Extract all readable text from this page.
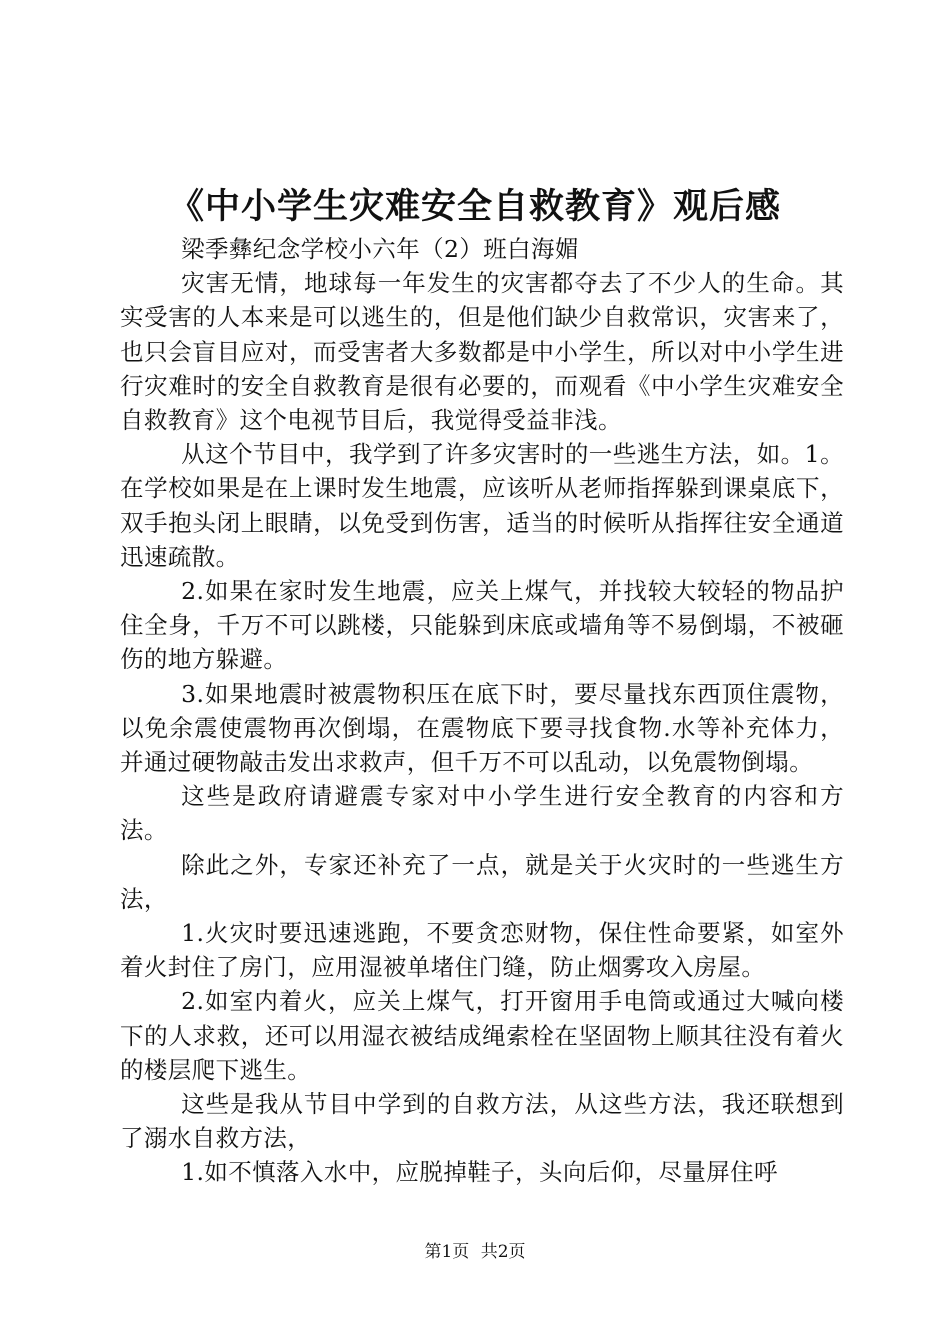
《中小学生灾难安全自救教育》观后感

梁季彝纪念学校小六年（2）班白海媚

灾害无情，地球每一年发生的灾害都夺去了不少人的生命。其实受害的人本来是可以逃生的，但是他们缺少自救常识，灾害来了，也只会盲目应对，而受害者大多数都是中小学生，所以对中小学生进行灾难时的安全自救教育是很有必要的，而观看《中小学生灾难安全自救教育》这个电视节目后，我觉得受益非浅。

从这个节目中，我学到了许多灾害时的一些逃生方法，如。1。在学校如果是在上课时发生地震，应该听从老师指挥躲到课桌底下，双手抱头闭上眼睛，以免受到伤害，适当的时候听从指挥往安全通道迅速疏散。

2.如果在家时发生地震，应关上煤气，并找较大较轻的物品护住全身，千万不可以跳楼，只能躲到床底或墙角等不易倒塌，不被砸伤的地方躲避。

3.如果地震时被震物积压在底下时，要尽量找东西顶住震物，以免余震使震物再次倒塌，在震物底下要寻找食物.水等补充体力，并通过硬物敲击发出求救声，但千万不可以乱动，以免震物倒塌。

这些是政府请避震专家对中小学生进行安全教育的内容和方法。

除此之外，专家还补充了一点，就是关于火灾时的一些逃生方法，

1.火灾时要迅速逃跑，不要贪恋财物，保住性命要紧，如室外着火封住了房门，应用湿被单堵住门缝，防止烟雾攻入房屋。

2.如室内着火，应关上煤气，打开窗用手电筒或通过大喊向楼下的人求救，还可以用湿衣被结成绳索栓在坚固物上顺其往没有着火的楼层爬下逃生。

这些是我从节目中学到的自救方法，从这些方法，我还联想到了溺水自救方法，

1.如不慎落入水中，应脱掉鞋子，头向后仰，尽量屏住呼

第1页 共2页
